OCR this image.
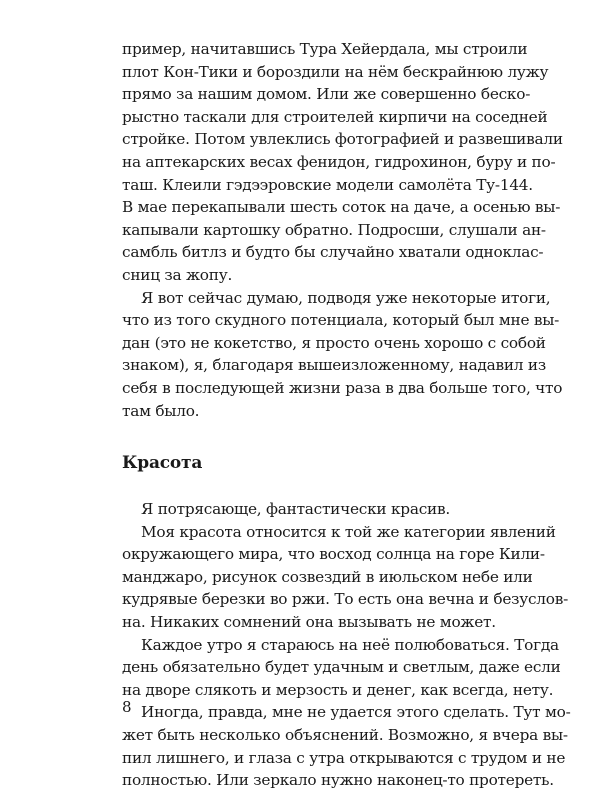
пример, начитавшись Тура Хейердала, мы строили
плот Кон-Тики и бороздили на нём бескрайнюю лужу
прямо за нашим домом. Или же совершенно беско-
рыстно таскали для строителей кирпичи на соседней
стройке. Потом увлеклись фотографией и развешивали
на аптекарских весах фенидон, гидрохинон, буру и по-
таш. Клеили гэдээровские модели самолёта Ту-144.
В мае перекапывали шесть соток на даче, а осенью вы-
капывали картошку обратно. Подросши, слушали ан-
самбль битлз и будто бы случайно хватали одноклас-
сниц за жопу.
Я вот сейчас думаю, подводя уже некоторые итоги,
что из того скудного потенциала, который был мне вы-
дан (это не кокетство, я просто очень хорошо с собой
знаком), я, благодаря вышеизложенному, надавил из
себя в последующей жизни раза в два больше того, что
там было.
Красота
Я потрясающе, фантастически красив.
Моя красота относится к той же категории явлений
окружающего мира, что восход солнца на горе Кили-
манджаро, рисунок созвездий в июльском небе или
кудрявые березки во ржи. То есть она вечна и безуслов-
на. Никаких сомнений она вызывать не может.
Каждое утро я стараюсь на неё полюбоваться. Тогда
день обязательно будет удачным и светлым, даже если
на дворе слякоть и мерзость и денег, как всегда, нету.
Иногда, правда, мне не удается этого сделать. Тут мо-
жет быть несколько объяснений. Возможно, я вчера вы-
пил лишнего, и глаза с утра открываются с трудом и не
полностью. Или зеркало нужно наконец-то протереть.
8
